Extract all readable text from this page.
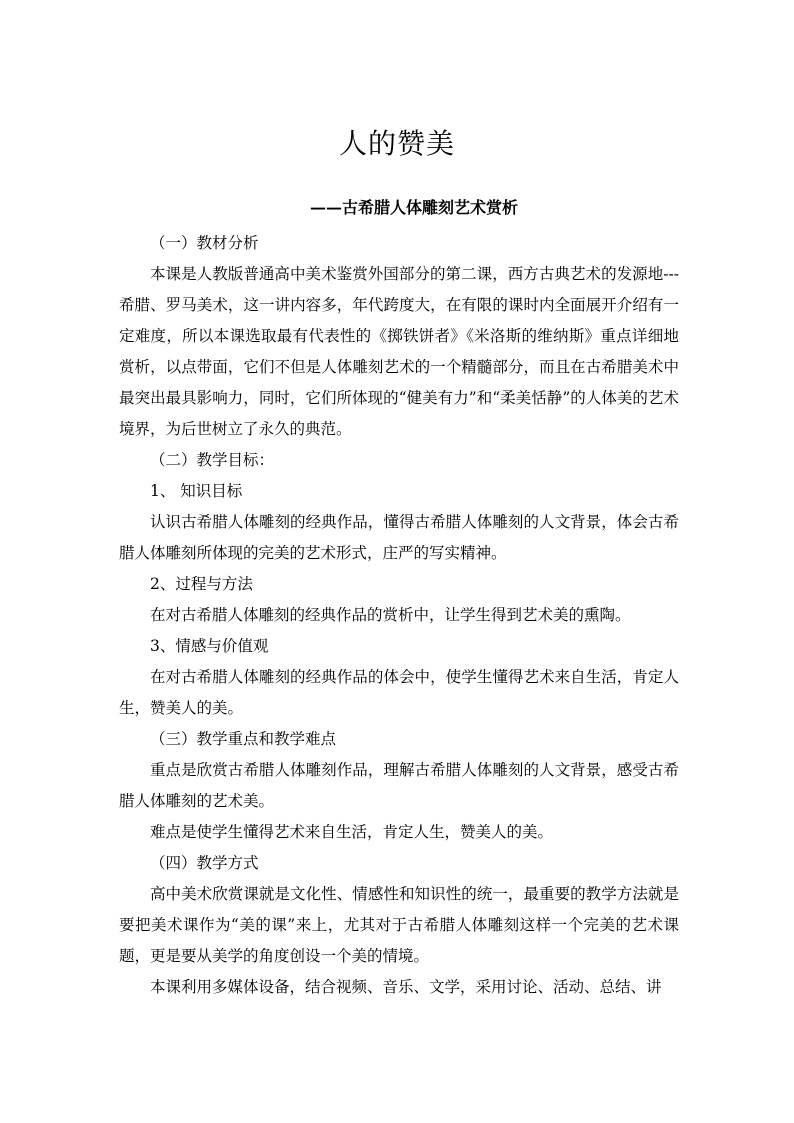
人的赞美
——古希腊人体雕刻艺术赏析

（一）教材分析

本课是人教版普通高中美术鉴赏外国部分的第二课，西方古典艺术的发源地---希腊、罗马美术，这一讲内容多，年代跨度大，在有限的课时内全面展开介绍有一定难度，所以本课选取最有代表性的《掷铁饼者》《米洛斯的维纳斯》重点详细地赏析，以点带面，它们不但是人体雕刻艺术的一个精髓部分，而且在古希腊美术中最突出最具影响力，同时，它们所体现的“健美有力”和“柔美恬静”的人体美的艺术境界，为后世树立了永久的典范。

（二）教学目标：

1、 知识目标

认识古希腊人体雕刻的经典作品，懂得古希腊人体雕刻的人文背景，体会古希腊人体雕刻所体现的完美的艺术形式，庄严的写实精神。

2、过程与方法

在对古希腊人体雕刻的经典作品的赏析中，让学生得到艺术美的熏陶。

3、情感与价值观

在对古希腊人体雕刻的经典作品的体会中，使学生懂得艺术来自生活，肯定人生，赞美人的美。

（三）教学重点和教学难点

重点是欣赏古希腊人体雕刻作品，理解古希腊人体雕刻的人文背景，感受古希腊人体雕刻的艺术美。

难点是使学生懂得艺术来自生活，肯定人生，赞美人的美。

（四）教学方式

高中美术欣赏课就是文化性、情感性和知识性的统一，最重要的教学方法就是要把美术课作为“美的课”来上，尤其对于古希腊人体雕刻这样一个完美的艺术课题，更是要从美学的角度创设一个美的情境。

本课利用多媒体设备，结合视频、音乐、文学，采用讨论、活动、总结、讲
